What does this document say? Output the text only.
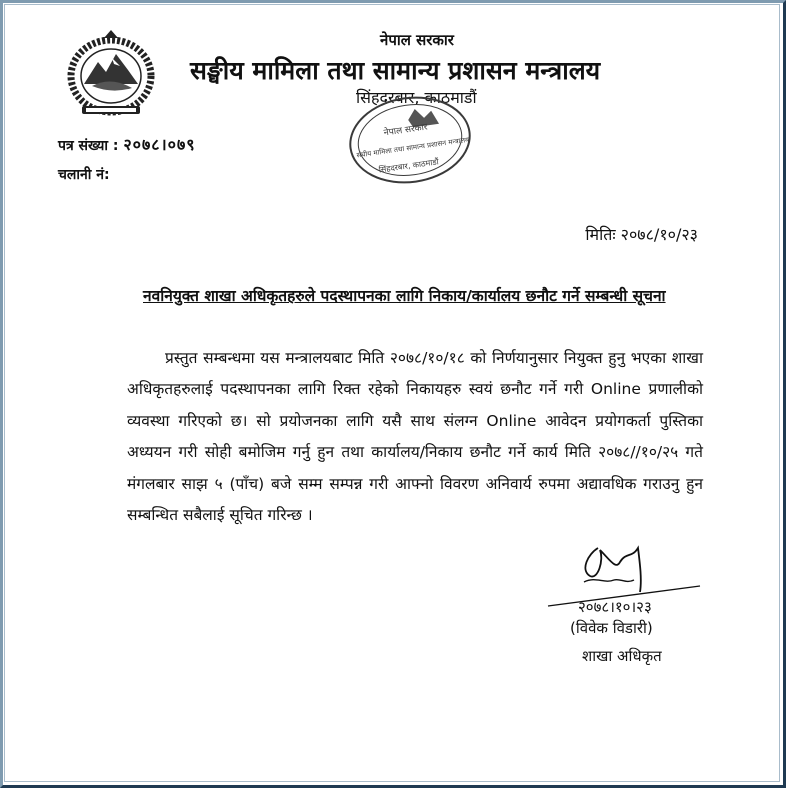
नेपाल सरकार
सङ्घीय मामिला तथा सामान्य प्रशासन मन्त्रालय
सिंहदरबार, काठमाडौं
नेपाल सरकार
संघीय मामिला तथा सामान्य प्रशासन मन्त्रालय
सिंहदरबार, काठमाडौं
पत्र संख्या : २०७८।०७९
चलानी नं:
मितिः २०७८/१०/२३
नवनियुक्त शाखा अधिकृतहरुले पदस्थापनका लागि निकाय/कार्यालय छनौट गर्ने सम्बन्धी सूचना
प्रस्तुत सम्बन्धमा यस मन्त्रालयबाट मिति २०७८/१०/१८ को निर्णयानुसार नियुक्त हुनु भएका शाखा अधिकृतहरुलाई पदस्थापनका लागि रिक्त रहेको निकायहरु स्वयं छनौट गर्ने गरी Online प्रणालीको व्यवस्था गरिएको छ। सो प्रयोजनका लागि यसै साथ संलग्न Online आवेदन प्रयोगकर्ता पुस्तिका अध्ययन गरी सोही बमोजिम गर्नु हुन तथा कार्यालय/निकाय छनौट गर्ने कार्य मिति २०७८//१०/२५ गते मंगलबार साझ ५ (पाँच) बजे सम्म सम्पन्न गरी आफ्नो विवरण अनिवार्य रुपमा अद्यावधिक गराउनु हुन सम्बन्धित सबैलाई सूचित गरिन्छ ।
२०७८।१०।२३
(विवेक विडारी)
शाखा अधिकृत
